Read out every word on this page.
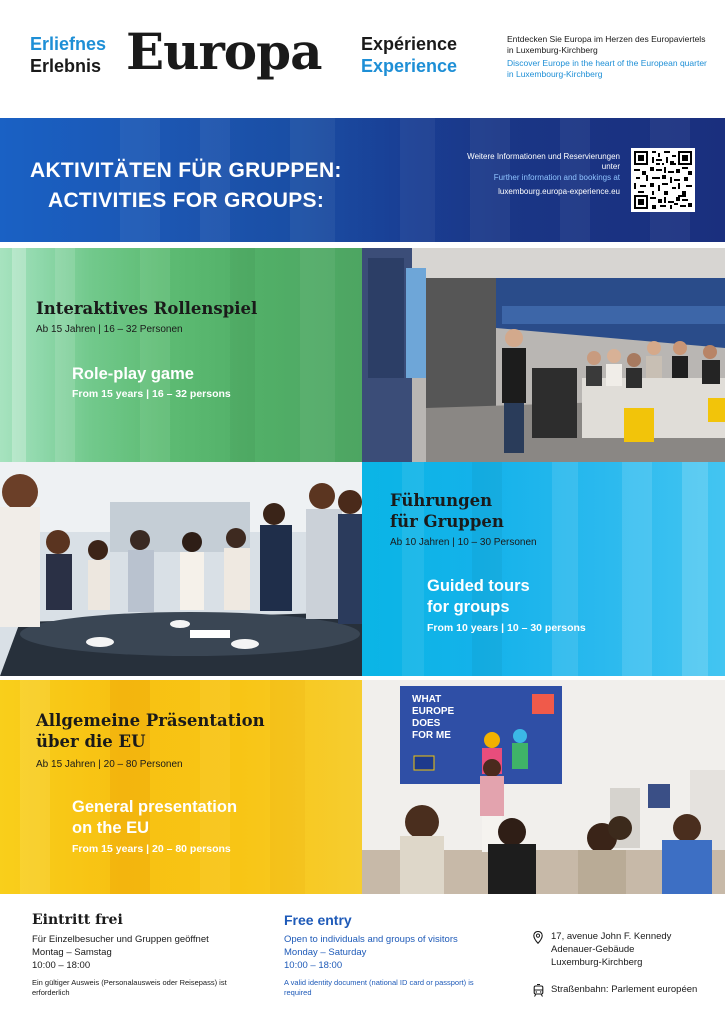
Erliefnes
Erlebnis Europa Expérience
Experience
Entdecken Sie Europa im Herzen des Europaviertels in Luxemburg-Kirchberg
Discover Europe in the heart of the European quarter in Luxembourg-Kirchberg
AKTIVITÄTEN FÜR GRUPPEN:
ACTIVITIES FOR GROUPS:
Weitere Informationen und Reservierungen unter
Further information and bookings at
luxembourg.europa-experience.eu
Interaktives Rollenspiel
Ab 15 Jahren | 16 – 32 Personen
Role-play game
From 15 years | 16 – 32 persons
Führungen
für Gruppen
Ab 10 Jahren | 10 – 30 Personen
Guided tours
for groups
From 10 years | 10 – 30 persons
Allgemeine Präsentation
über die EU
Ab 15 Jahren | 20 – 80 Personen
General presentation
on the EU
From 15 years | 20 – 80 persons
WHAT
EUROPE
DOES
FOR ME
Eintritt frei
Für Einzelbesucher und Gruppen geöffnet
Montag – Samstag
10:00 – 18:00
Ein gültiger Ausweis (Personalausweis oder Reisepass) ist erforderlich
Free entry
Open to individuals and groups of visitors
Monday – Saturday
10:00 – 18:00
A valid identity document (national ID card or passport) is required
17, avenue John F. Kennedy
Adenauer-Gebäude
Luxemburg-Kirchberg
Straßenbahn: Parlement européen
